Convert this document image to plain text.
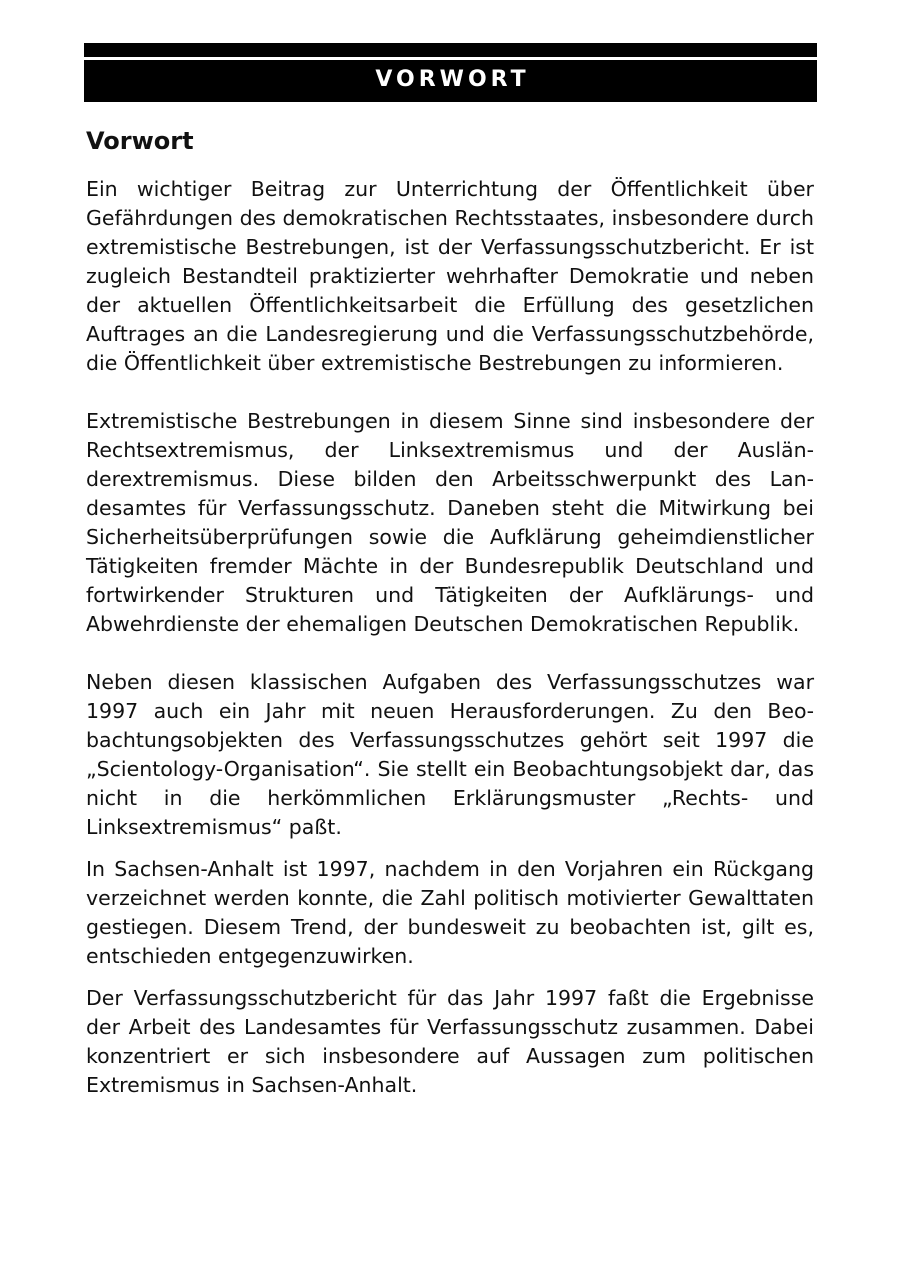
VORWORT
Vorwort

Ein wichtiger Beitrag zur Unterrichtung der Öffentlichkeit über Gefährdungen des demokratischen Rechtsstaates, insbesondere durch extremistische Bestrebungen, ist der Verfassungsschutzbericht. Er ist zugleich Bestandteil praktizierter wehrhafter Demokratie und neben der aktuellen Öffentlichkeitsarbeit die Erfüllung des gesetzlichen Auftrages an die Landesregierung und die Verfassungsschutzbehörde, die Öffentlichkeit über extremistische Bestrebungen zu informieren.

Extremistische Bestrebungen in diesem Sinne sind insbesondere der Rechtsextremismus, der Linksextremismus und der Ausländerextremismus. Diese bilden den Arbeitsschwerpunkt des Landesamtes für Verfassungsschutz. Daneben steht die Mitwirkung bei Sicherheitsüberprüfungen sowie die Aufklärung geheimdienstlicher Tätigkeiten fremder Mächte in der Bundesrepublik Deutschland und fortwirkender Strukturen und Tätigkeiten der Aufklärungs- und Abwehrdienste der ehemaligen Deutschen Demokratischen Republik.

Neben diesen klassischen Aufgaben des Verfassungsschutzes war 1997 auch ein Jahr mit neuen Herausforderungen. Zu den Beobachtungsobjekten des Verfassungsschutzes gehört seit 1997 die „Scientology-Organisation“. Sie stellt ein Beobachtungsobjekt dar, das nicht in die herkömmlichen Erklärungsmuster „Rechts- und Linksextremismus“ paßt.

In Sachsen-Anhalt ist 1997, nachdem in den Vorjahren ein Rückgang verzeichnet werden konnte, die Zahl politisch motivierter Gewalttaten gestiegen. Diesem Trend, der bundesweit zu beobachten ist, gilt es, entschieden entgegenzuwirken.

Der Verfassungsschutzbericht für das Jahr 1997 faßt die Ergebnisse der Arbeit des Landesamtes für Verfassungsschutz zusammen. Dabei konzentriert er sich insbesondere auf Aussagen zum politischen Extremismus in Sachsen-Anhalt.
